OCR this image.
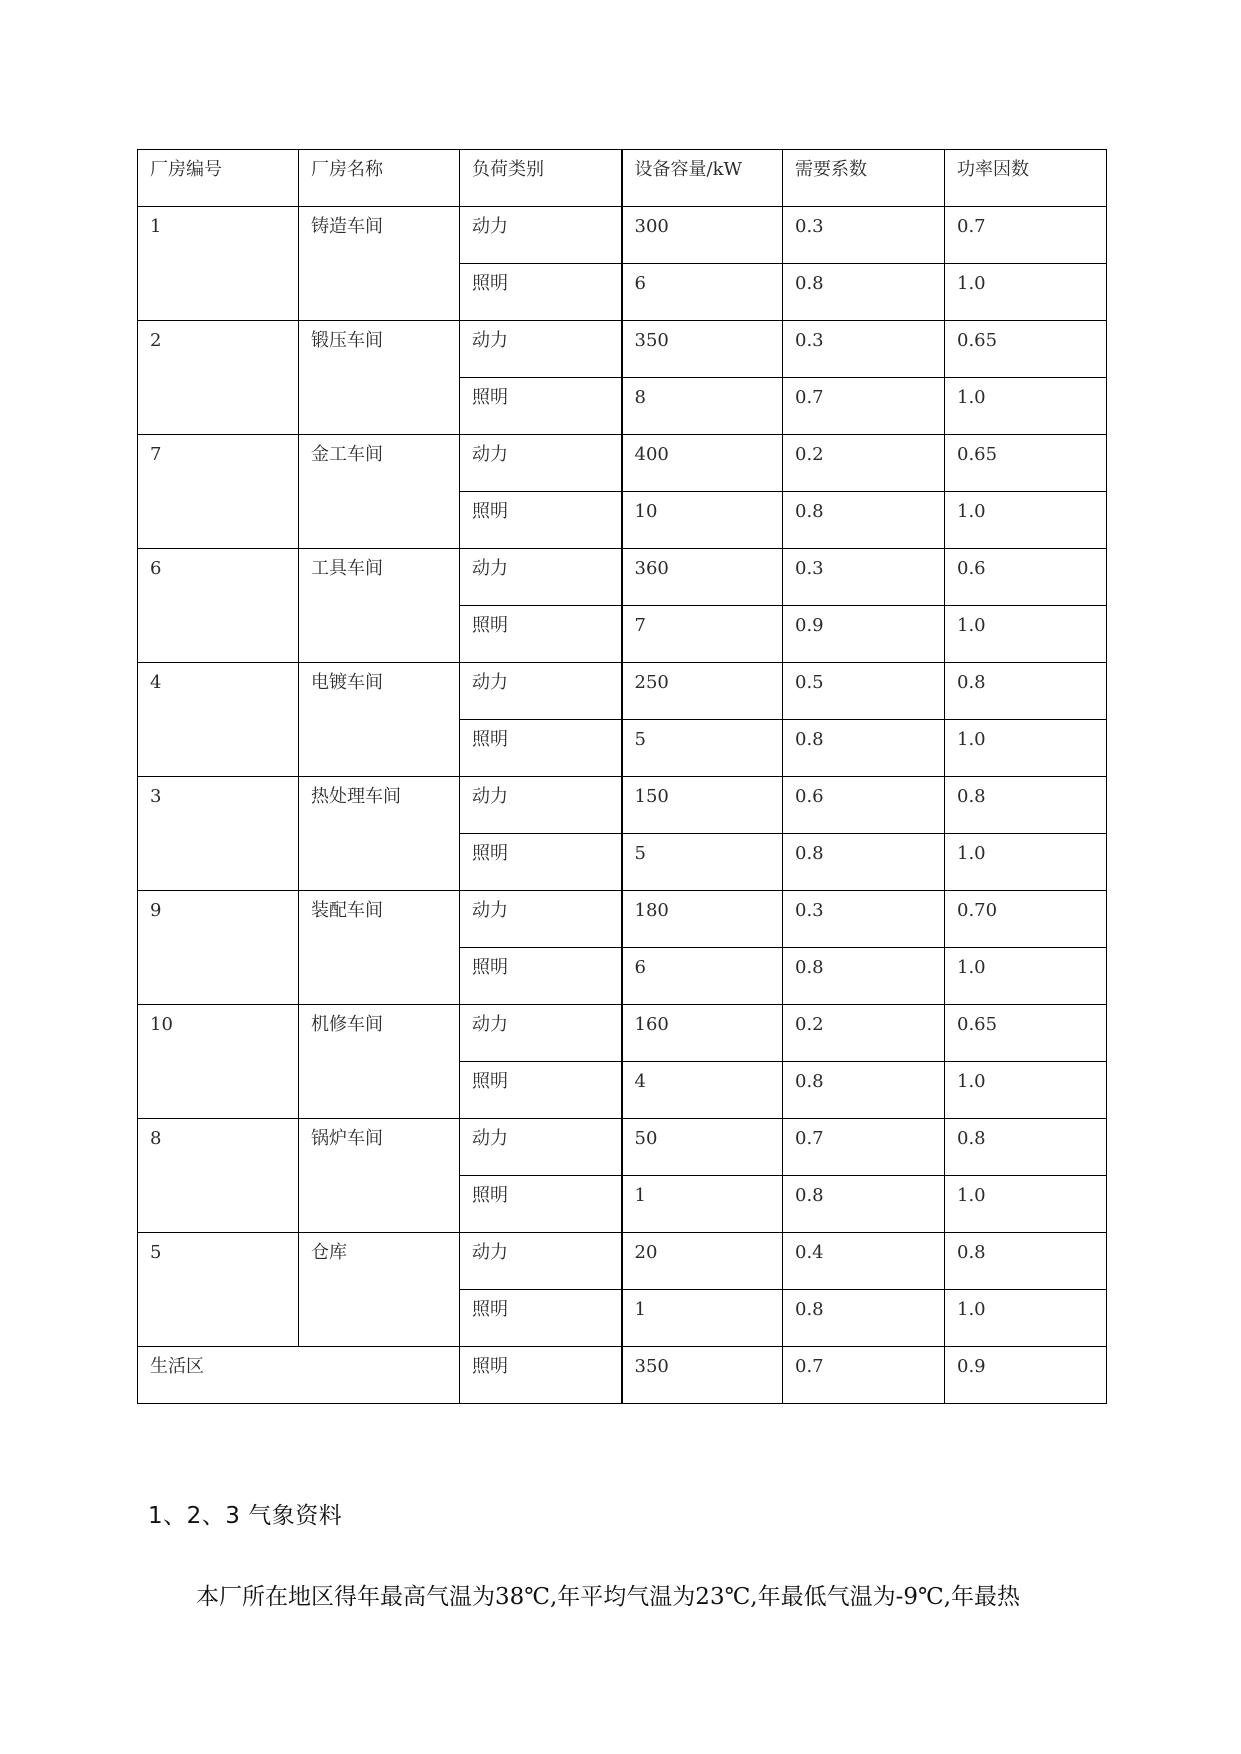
厂房编号	厂房名称	负荷类别	设备容量/kW	需要系数	功率因数
1	铸造车间	动力	300	0.3	0.7
		照明	6	0.8	1.0
2	锻压车间	动力	350	0.3	0.65
		照明	8	0.7	1.0
7	金工车间	动力	400	0.2	0.65
		照明	10	0.8	1.0
6	工具车间	动力	360	0.3	0.6
		照明	7	0.9	1.0
4	电镀车间	动力	250	0.5	0.8
		照明	5	0.8	1.0
3	热处理车间	动力	150	0.6	0.8
		照明	5	0.8	1.0
9	装配车间	动力	180	0.3	0.70
		照明	6	0.8	1.0
10	机修车间	动力	160	0.2	0.65
		照明	4	0.8	1.0
8	锅炉车间	动力	50	0.7	0.8
		照明	1	0.8	1.0
5	仓库	动力	20	0.4	0.8
		照明	1	0.8	1.0
生活区		照明	350	0.7	0.9
1、2、3 气象资料
本厂所在地区得年最高气温为38℃,年平均气温为23℃,年最低气温为-9℃,年最热
